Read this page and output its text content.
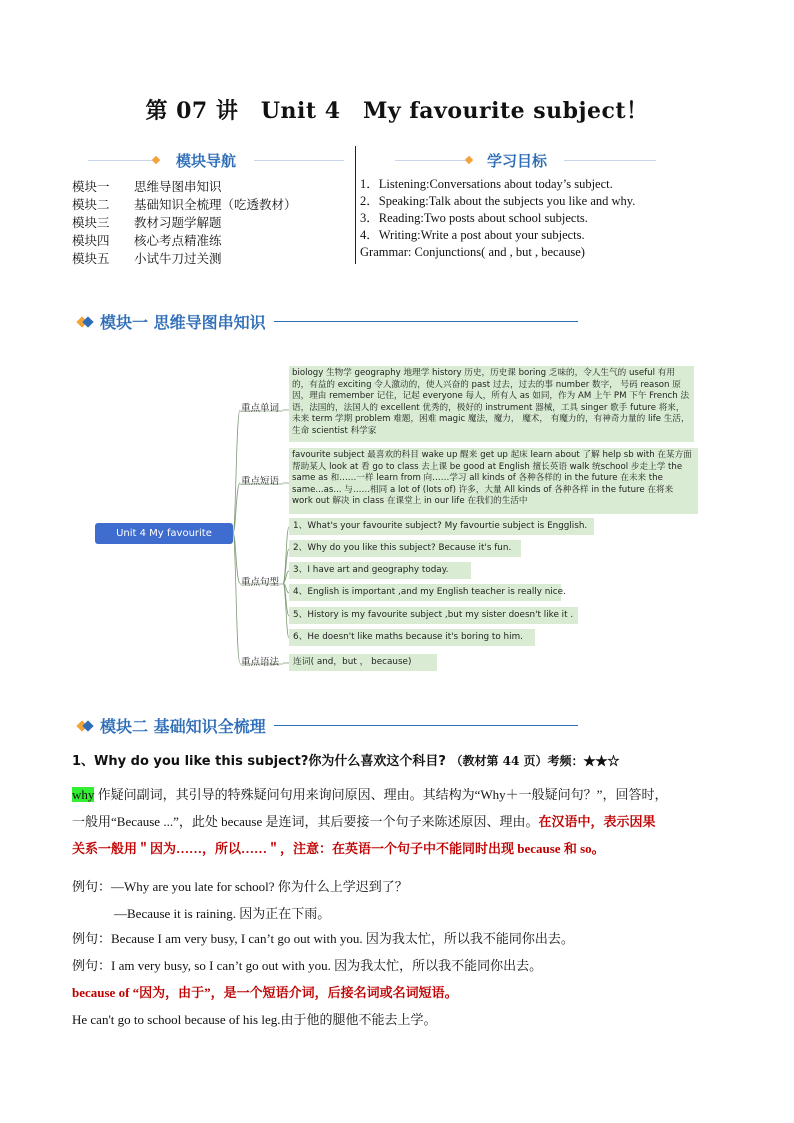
第 07 讲　Unit 4　My favourite subject！
模块导航	学习目标
模块一	思维导图串知识
模块二	基础知识全梳理（吃透教材）
模块三	教材习题学解题
模块四	核心考点精准练
模块五	小试牛刀过关测
1．Listening:Conversations about today’s subject.
2．Speaking:Talk about the subjects you like and why.
3．Reading:Two posts about school subjects.
4．Writing:Write a post about your subjects.
Grammar: Conjunctions( and , but , because)
模块一 思维导图串知识
Unit 4 My favourite subject.
重点单词
重点短语
重点句型
重点语法
biology 生物学 geography 地理学 history 历史，历史课 boring 乏味的，令人生气的 useful 有用的，有益的 exciting 令人激动的，使人兴奋的 past 过去，过去的事 number 数字， 号码 reason 原因，理由 remember 记住，记起 everyone 每人，所有人 as 如同，作为 AM 上午 PM 下午 French 法语，法国的，法国人的 excellent 优秀的，极好的 instrument 器械，工具 singer 歌手 future 将来，未来 term 学期 problem 难题，困难 magic 魔法，魔力， 魔术， 有魔力的，有神奇力量的 life 生活，生命 scientist 科学家
favourite subject 最喜欢的科目 wake up 醒来 get up 起床 learn about 了解 help sb with 在某方面帮助某人 look at 看 go to class 去上课 be good at English 擅长英语 walk 统school 步走上学 the same as 和……一样 learn from 向……学习 all kinds of 各种各样的 in the future 在未来 the same...as... 与……相同 a lot of (lots of) 许多，大量 All kinds of 各种各样 in the future 在将来 work out 解决 in class 在课堂上 in our life 在我们的生活中
1、What's your favourite subject? My favourtie subject is Engglish.
2、Why do you like this subject? Because it's fun.
3、I have art and geography today.
4、English is important ,and my English teacher is really nice.
5、History is my favourite subject ,but my sister doesn't like it .
6、He doesn't like maths because it's boring to him.
连词( and，but ， because)
模块二 基础知识全梳理
1、Why do you like this subject?你为什么喜欢这个科目? （教材第 44 页）考频：★★☆
why 作疑问副词，其引导的特殊疑问句用来询问原因、理由。其结构为“Why＋一般疑问句？”，回答时，
一般用“Because ...”，此处 because 是连词，其后要接一个句子来陈述原因、理由。在汉语中，表示因果
关系一般用＂因为……，所以……＂，注意：在英语一个句子中不能同时出现 because 和 so。
例句：—Why are you late for school? 你为什么上学迟到了？
—Because it is raining. 因为正在下雨。
例句：Because I am very busy, I can’t go out with you. 因为我太忙，所以我不能同你出去。
例句：I am very busy, so I can’t go out with you. 因为我太忙，所以我不能同你出去。
because of “因为，由于”，是一个短语介词，后接名词或名词短语。
He can't go to school because of his leg.由于他的腿他不能去上学。
